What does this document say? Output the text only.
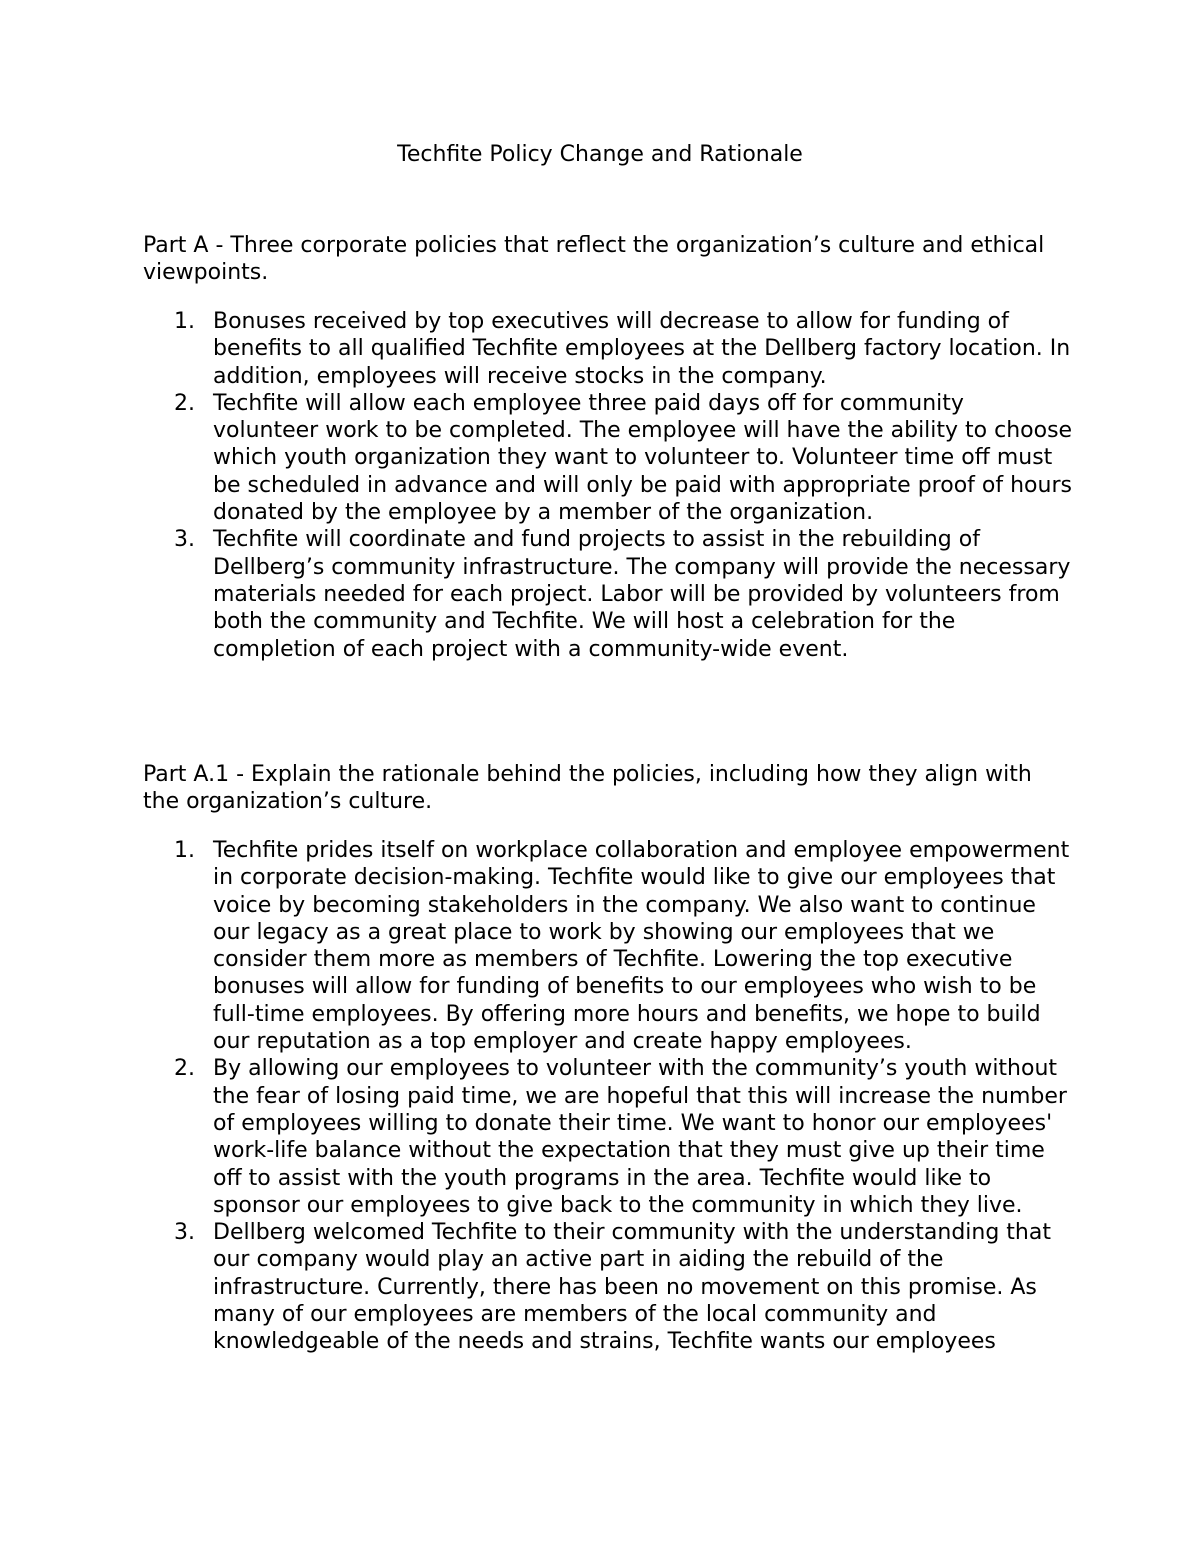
Techfite Policy Change and Rationale

Part A - Three corporate policies that reflect the organization’s culture and ethical viewpoints.

1. Bonuses received by top executives will decrease to allow for funding of benefits to all qualified Techfite employees at the Dellberg factory location. In addition, employees will receive stocks in the company.
2. Techfite will allow each employee three paid days off for community volunteer work to be completed. The employee will have the ability to choose which youth organization they want to volunteer to. Volunteer time off must be scheduled in advance and will only be paid with appropriate proof of hours donated by the employee by a member of the organization.
3. Techfite will coordinate and fund projects to assist in the rebuilding of Dellberg’s community infrastructure. The company will provide the necessary materials needed for each project. Labor will be provided by volunteers from both the community and Techfite. We will host a celebration for the completion of each project with a community-wide event.

Part A.1 - Explain the rationale behind the policies, including how they align with the organization’s culture.

1. Techfite prides itself on workplace collaboration and employee empowerment in corporate decision-making. Techfite would like to give our employees that voice by becoming stakeholders in the company. We also want to continue our legacy as a great place to work by showing our employees that we consider them more as members of Techfite. Lowering the top executive bonuses will allow for funding of benefits to our employees who wish to be full-time employees. By offering more hours and benefits, we hope to build our reputation as a top employer and create happy employees.
2. By allowing our employees to volunteer with the community’s youth without the fear of losing paid time, we are hopeful that this will increase the number of employees willing to donate their time. We want to honor our employees' work-life balance without the expectation that they must give up their time off to assist with the youth programs in the area. Techfite would like to sponsor our employees to give back to the community in which they live.
3. Dellberg welcomed Techfite to their community with the understanding that our company would play an active part in aiding the rebuild of the infrastructure. Currently, there has been no movement on this promise. As many of our employees are members of the local community and knowledgeable of the needs and strains, Techfite wants our employees
